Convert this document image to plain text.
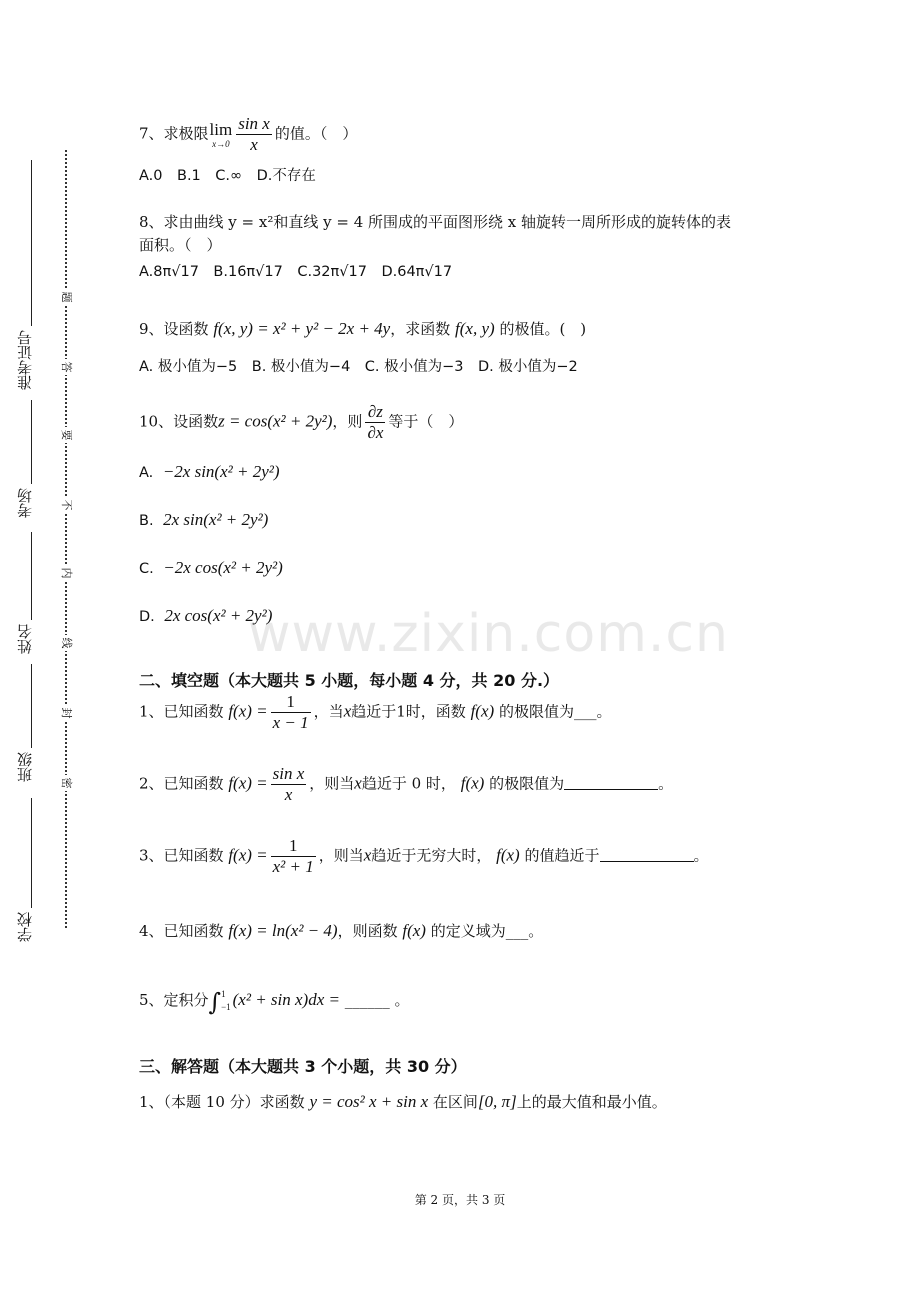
准考证号
考场
姓名
班级
学校
题
答
要
不
内
线
封
密
www.zixin.com.cn
7、求极限 lim
$x\to 0 \frac{\text{sin x}}{x}$ 的值。（　）
A.0　B.1　C.∞　D.不存在
8、求由曲线 y = x²和直线 y = 4 所围成的平面图形绕 x 轴旋转一周所形成的旋转体的表
面积。（　）
A.8π√17　B.16π√17　C.32π√17　D.64π√17
9、设函数 f(x, y) = x² + y² − 2x + 4y，求函数 f(x, y) 的极值。(　)
A. 极小值为−5　B. 极小值为−4　C. 极小值为−3　D. 极小值为−2
10、设函数z = cos(x² + 2y²)，则 $\frac{\partial z}{\partial x}$ 等于（　）
A. −2x sin(x² + 2y²)
B. 2x sin(x² + 2y²)
C. −2x cos(x² + 2y²)
D. 2x cos(x² + 2y²)
二、填空题（本大题共 5 小题，每小题 4 分，共 20 分.）
1、已知函数 $f(x) = \frac{1}{x - 1}$ ，当x趋近于1时，函数 f(x) 的极限值为___。
2、已知函数 $f(x) = \frac{\text{sin x}}{x}$ ，则当x趋近于 0 时， f(x) 的极限值为	。
3、已知函数 $f(x) = \frac{1}{\text{x² + 1}}$ ，则当x趋近于无穷大时， f(x) 的值趋近于	。
4、已知函数 f(x) = ln(x² − 4)，则函数 f(x) 的定义域为___。
5、定积分∫ 1
−1 (x² + sin x)dx = ______ 。
三、解答题（本大题共 3 个小题，共 30 分）
1、（本题 10 分）求函数 y = cos² x + sin x 在区间[0, π]上的最大值和最小值。
第 2 页，共 3 页
